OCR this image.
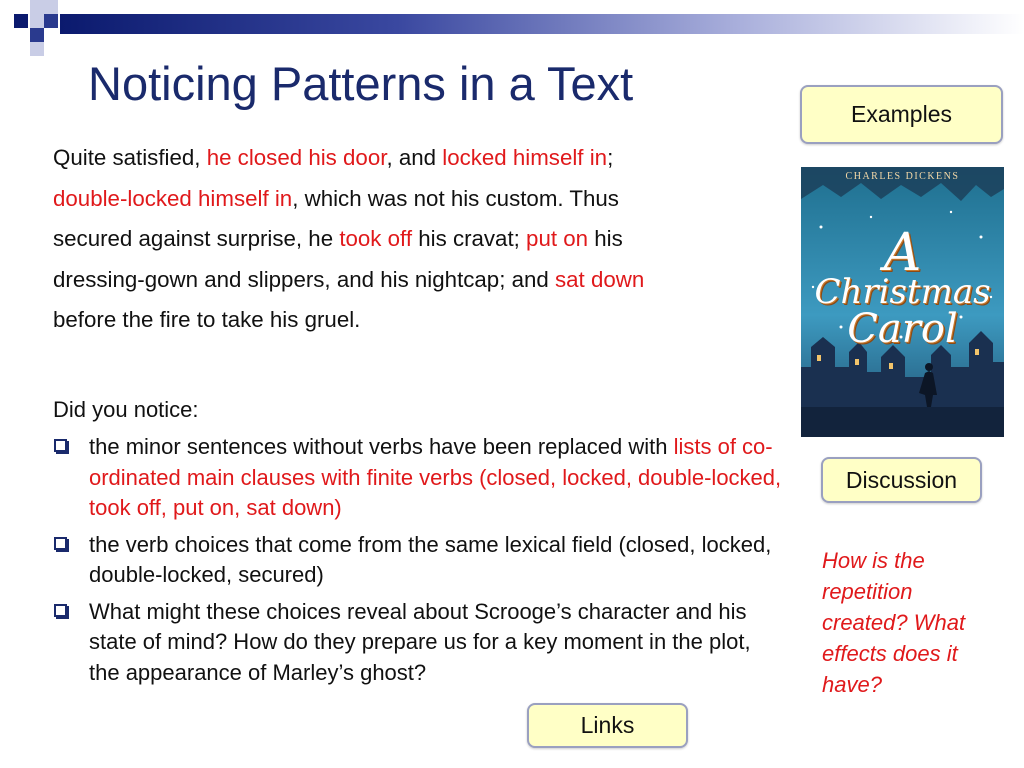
Noticing Patterns in a Text
Quite satisfied, he closed his door, and locked himself in;
double-locked himself in, which was not his custom. Thus
secured against surprise, he took off his cravat; put on his
dressing-gown and slippers, and his nightcap; and sat down
before the fire to take his gruel.
Did you notice:
the minor sentences without verbs have been replaced with lists of co-ordinated main clauses with finite verbs (closed, locked, double-locked, took off, put on, sat down)
the verb choices that come from the same lexical field (closed, locked, double-locked, secured)
What might these choices reveal about Scrooge’s character and his state of mind? How do they prepare us for a key moment in the plot, the appearance of Marley’s ghost?
Examples
CHARLES DICKENS
A
Christmas
Carol
Discussion
How is the repetition created? What effects does it have?
Links
